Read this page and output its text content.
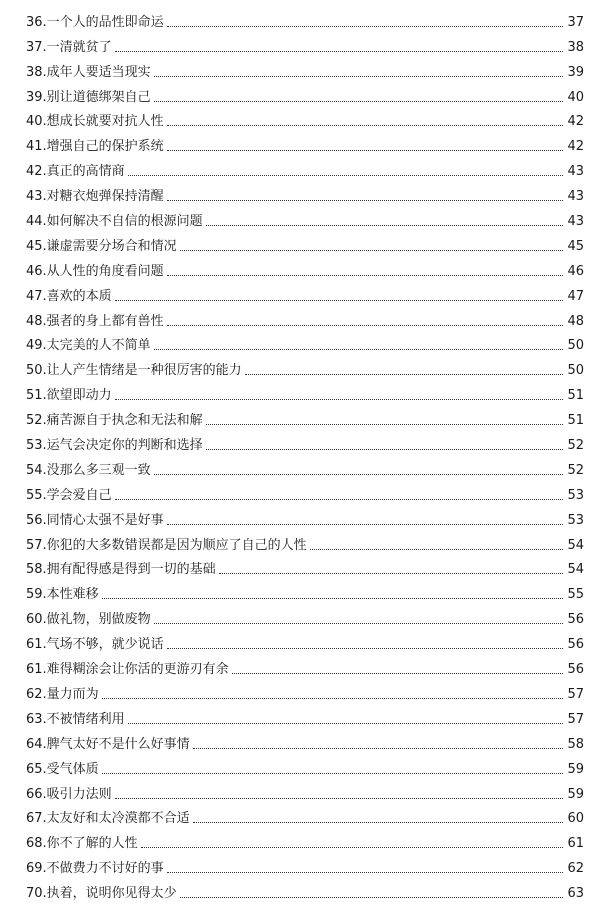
36.一个人的品性即命运	37
37.一清就贫了	38
38.成年人要适当现实	39
39.别让道德绑架自己	40
40.想成长就要对抗人性	42
41.增强自己的保护系统	42
42.真正的高情商	43
43.对糖衣炮弹保持清醒	43
44.如何解决不自信的根源问题	43
45.谦虚需要分场合和情况	45
46.从人性的角度看问题	46
47.喜欢的本质	47
48.强者的身上都有兽性	48
49.太完美的人不简单	50
50.让人产生情绪是一种很厉害的能力	50
51.欲望即动力	51
52.痛苦源自于执念和无法和解	51
53.运气会决定你的判断和选择	52
54.没那么多三观一致	52
55.学会爱自己	53
56.同情心太强不是好事	53
57.你犯的大多数错误都是因为顺应了自己的人性	54
58.拥有配得感是得到一切的基础	54
59.本性难移	55
60.做礼物，别做废物	56
61.气场不够，就少说话	56
61.难得糊涂会让你活的更游刃有余	56
62.量力而为	57
63.不被情绪利用	57
64.脾气太好不是什么好事情	58
65.受气体质	59
66.吸引力法则	59
67.太友好和太冷漠都不合适	60
68.你不了解的人性	61
69.不做费力不讨好的事	62
70.执着，说明你见得太少	63
